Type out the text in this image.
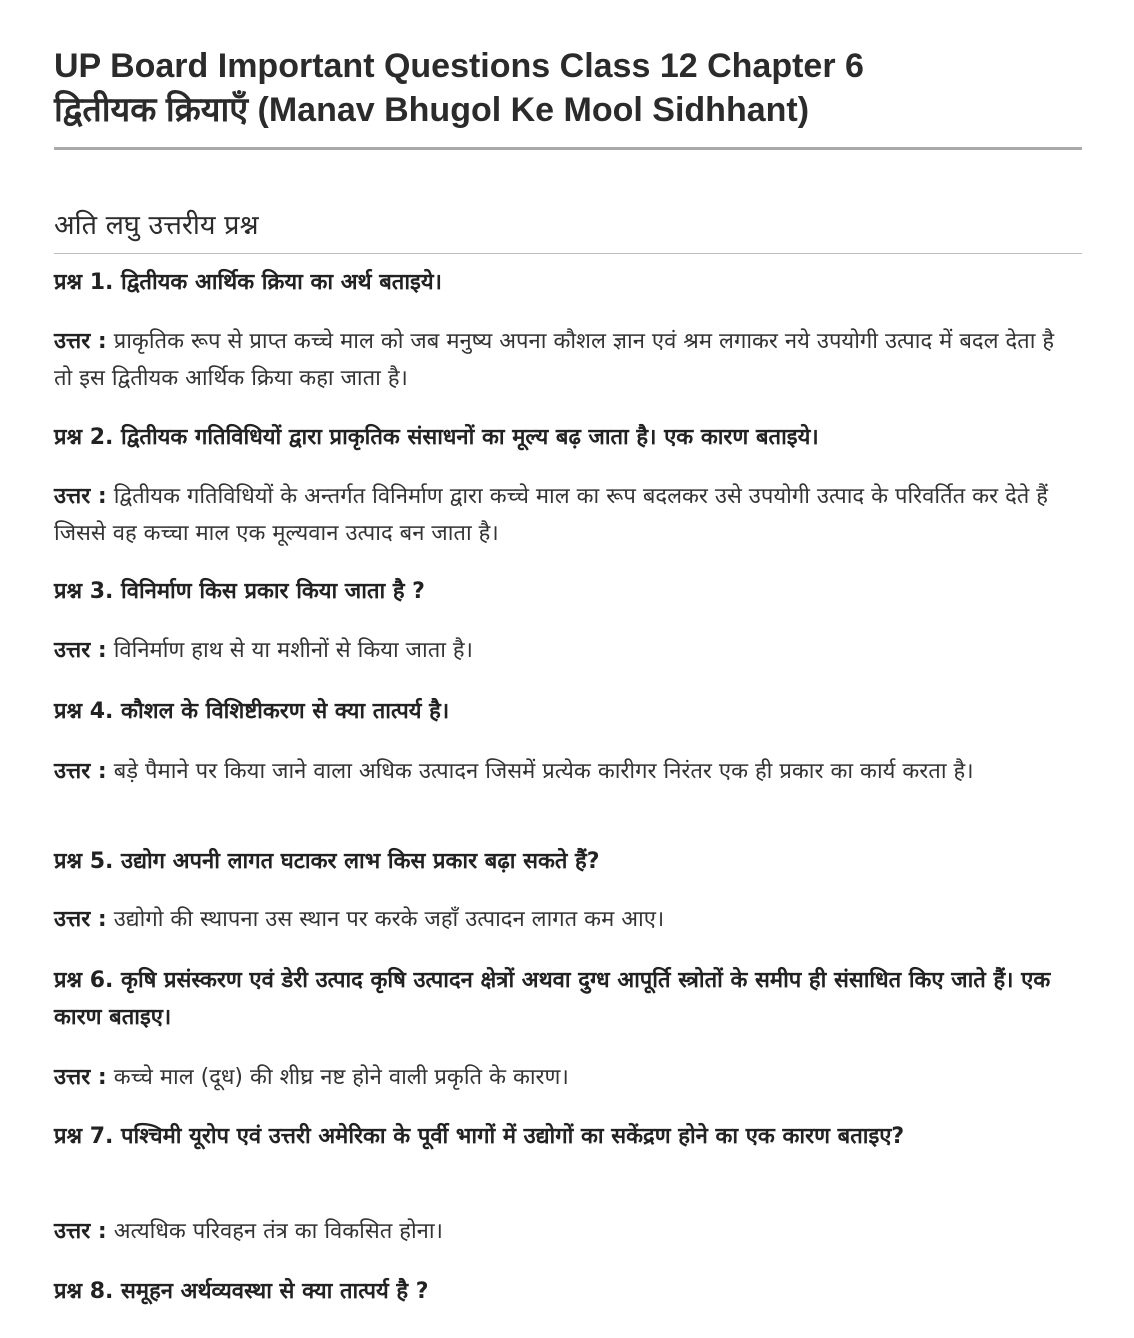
UP Board Important Questions Class 12 Chapter 6
द्वितीयक क्रियाएँ (Manav Bhugol Ke Mool Sidhhant)
अति लघु उत्तरीय प्रश्न

प्रश्न 1. द्वितीयक आर्थिक क्रिया का अर्थ बताइये।

उत्तर : प्राकृतिक रूप से प्राप्त कच्चे माल को जब मनुष्य अपना कौशल ज्ञान एवं श्रम लगाकर नये उपयोगी उत्पाद में बदल देता है तो इस द्वितीयक आर्थिक क्रिया कहा जाता है।

प्रश्न 2. द्वितीयक गतिविधियों द्वारा प्राकृतिक संसाधनों का मूल्य बढ़ जाता है। एक कारण बताइये।

उत्तर : द्वितीयक गतिविधियों के अन्तर्गत विनिर्माण द्वारा कच्चे माल का रूप बदलकर उसे उपयोगी उत्पाद के परिवर्तित कर देते हैं जिससे वह कच्चा माल एक मूल्यवान उत्पाद बन जाता है।

प्रश्न 3. विनिर्माण किस प्रकार किया जाता है ?

उत्तर : विनिर्माण हाथ से या मशीनों से किया जाता है।

प्रश्न 4. कौशल के विशिष्टीकरण से क्या तात्पर्य है।

उत्तर : बड़े पैमाने पर किया जाने वाला अधिक उत्पादन जिसमें प्रत्येक कारीगर निरंतर एक ही प्रकार का कार्य करता है।

प्रश्न 5. उद्योग अपनी लागत घटाकर लाभ किस प्रकार बढ़ा सकते हैं?

उत्तर : उद्योगो की स्थापना उस स्थान पर करके जहाँ उत्पादन लागत कम आए।

प्रश्न 6. कृषि प्रसंस्करण एवं डेरी उत्पाद कृषि उत्पादन क्षेत्रों अथवा दुग्ध आपूर्ति स्त्रोतों के समीप ही संसाधित किए जाते हैं। एक कारण बताइए।

उत्तर : कच्चे माल (दूध) की शीघ्र नष्ट होने वाली प्रकृति के कारण।

प्रश्न 7. पश्चिमी यूरोप एवं उत्तरी अमेरिका के पूर्वी भागों में उद्योगों का सकेंद्रण होने का एक कारण बताइए?

उत्तर : अत्यधिक परिवहन तंत्र का विकसित होना।

प्रश्न 8. समूहन अर्थव्यवस्था से क्या तात्पर्य है ?
